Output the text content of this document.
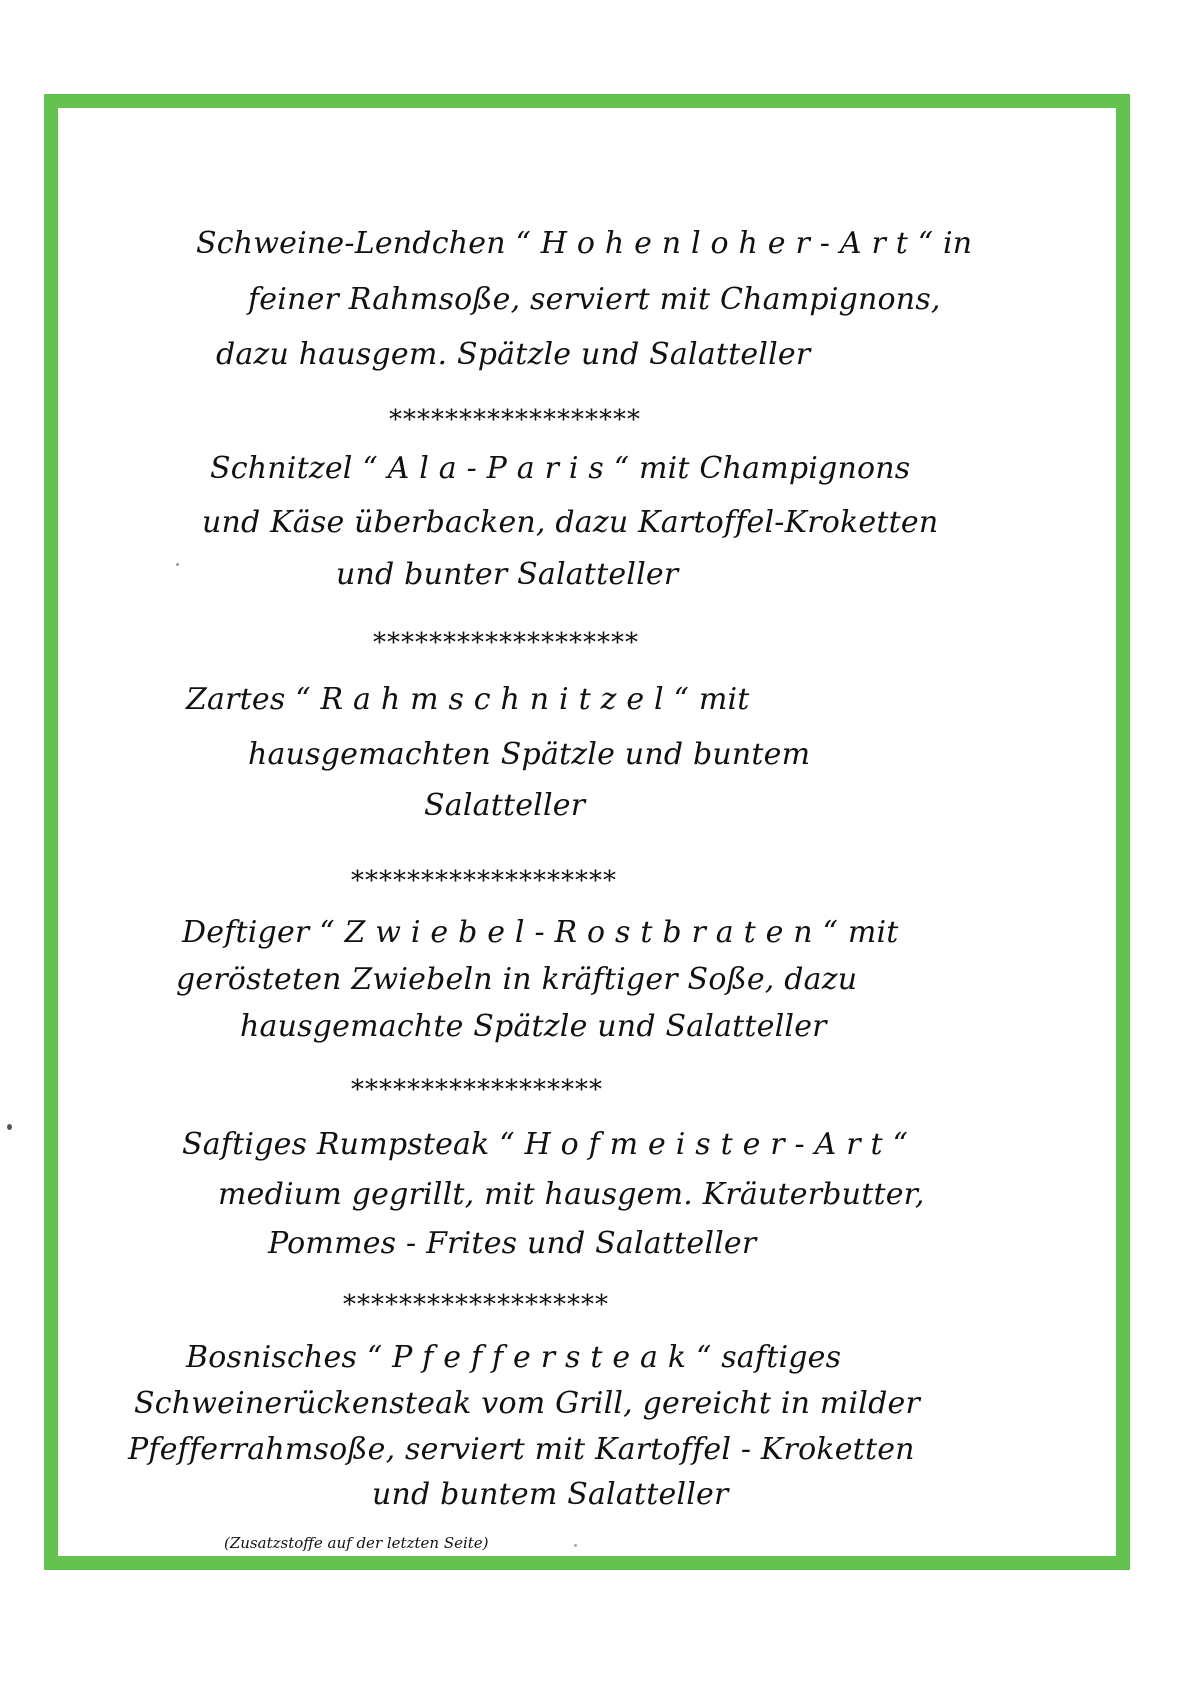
Schweine-Lendchen “ H o h e n l o h e r - A r t “ in

feiner Rahmsoße, serviert mit Champignons,

dazu hausgem. Spätzle und Salatteller

******************

Schnitzel “ A l a - P a r i s “ mit Champignons

und Käse überbacken, dazu Kartoffel-Kroketten

und bunter Salatteller

*******************

Zartes “ R a h m s c h n i t z e l “ mit

hausgemachten Spätzle und buntem

Salatteller

*******************

Deftiger “ Z w i e b e l - R o s t b r a t e n “ mit

gerösteten Zwiebeln in kräftiger Soße, dazu

hausgemachte Spätzle und Salatteller

******************

Saftiges Rumpsteak “ H o f m e i s t e r - A r t “

medium gegrillt, mit hausgem. Kräuterbutter,

Pommes - Frites und Salatteller

*******************

Bosnisches “ P f e f f e r s t e a k “ saftiges

Schweinerückensteak vom Grill, gereicht in milder

Pfefferrahmsoße, serviert mit Kartoffel - Kroketten

und buntem Salatteller

(Zusatzstoffe auf der letzten Seite)
